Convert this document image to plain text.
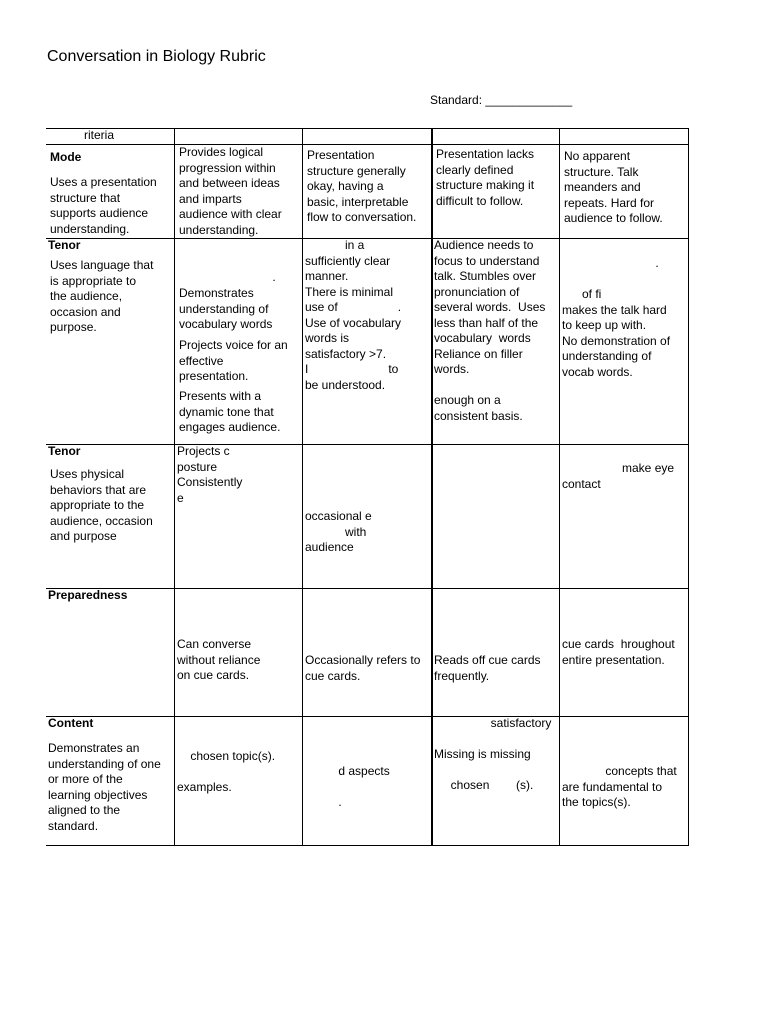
Conversation in Biology Rubric
Standard: _____________
riteria
Mode
Uses a presentation
structure that
supports audience
understanding.
Provides logical
progression within
and between ideas
and imparts
audience with clear
understanding.
Presentation
structure generally
okay, having a
basic, interpretable
flow to conversation.
Presentation lacks
clearly defined
structure making it
difficult to follow.
No apparent
structure. Talk
meanders and
repeats. Hard for
audience to follow.
Tenor
Uses language that
is appropriate to
the audience,
occasion and
purpose.
.
Demonstrates
understanding of
vocabulary words
Projects voice for an
effective
presentation.
Presents with a
dynamic tone that
engages audience.
in a
sufficiently clear
manner.
There is minimal
use of                  .
Use of vocabulary
words is
satisfactory >7.
I                        to
be understood.
Audience needs to
focus to understand
talk. Stumbles over
pronunciation of
several words.  Uses
less than half of the
vocabulary  words
Reliance on filler
words.

enough on a
consistent basis.
.

of fi
makes the talk hard
to keep up with.
No demonstration of
understanding of
vocab words.
Tenor
Uses physical
behaviors that are
appropriate to the
audience, occasion
and purpose
Projects c
posture
Consistently
e
occasional e
with
audience
make eye
contact
Preparedness
Can converse
without reliance
on cue cards.
Occasionally refers to
cue cards.
Reads off cue cards
frequently.
cue cards  hroughout
entire presentation.
Content
Demonstrates an
understanding of one
or more of the
learning objectives
aligned to the
standard.
chosen topic(s).

examples.
d aspects

.
satisfactory

Missing is missing

chosen        (s).
concepts that
are fundamental to
the topics(s).
